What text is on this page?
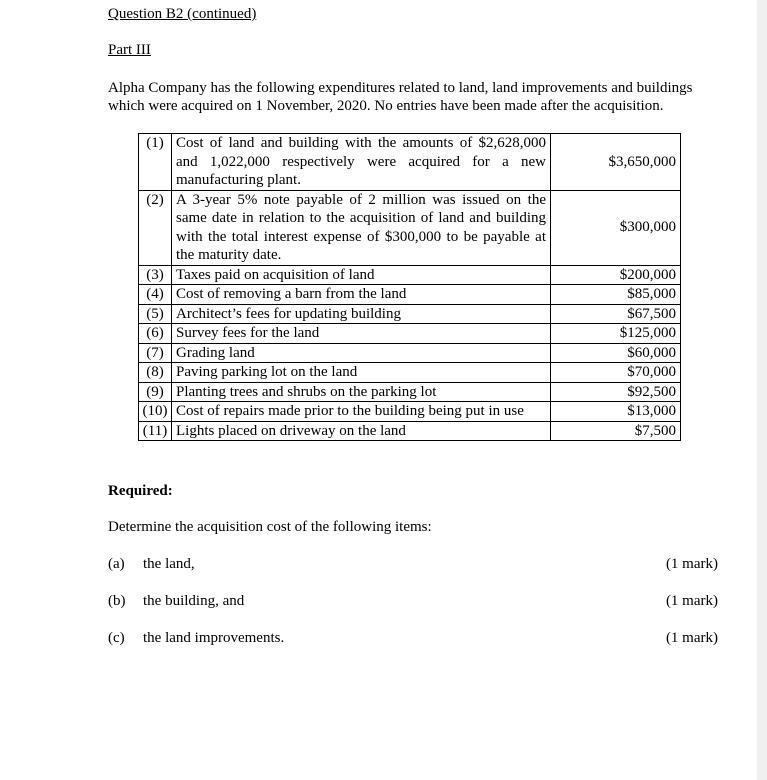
Question B2 (continued)
Part III
Alpha Company has the following expenditures related to land, land improvements and buildings which were acquired on 1 November, 2020. No entries have been made after the acquisition.
(1)	Cost of land and building with the amounts of $2,628,000 and 1,022,000 respectively were acquired for a new manufacturing plant.	$3,650,000
(2)	A 3-year 5% note payable of 2 million was issued on the same date in relation to the acquisition of land and building with the total interest expense of $300,000 to be payable at the maturity date.	$300,000
(3)	Taxes paid on acquisition of land	$200,000
(4)	Cost of removing a barn from the land	$85,000
(5)	Architect’s fees for updating building	$67,500
(6)	Survey fees for the land	$125,000
(7)	Grading land	$60,000
(8)	Paving parking lot on the land	$70,000
(9)	Planting trees and shrubs on the parking lot	$92,500
(10)	Cost of repairs made prior to the building being put in use	$13,000
(11)	Lights placed on driveway on the land	$7,500
Required:
Determine the acquisition cost of the following items:
(a) the land,	(1 mark)
(b) the building, and	(1 mark)
(c) the land improvements.	(1 mark)
